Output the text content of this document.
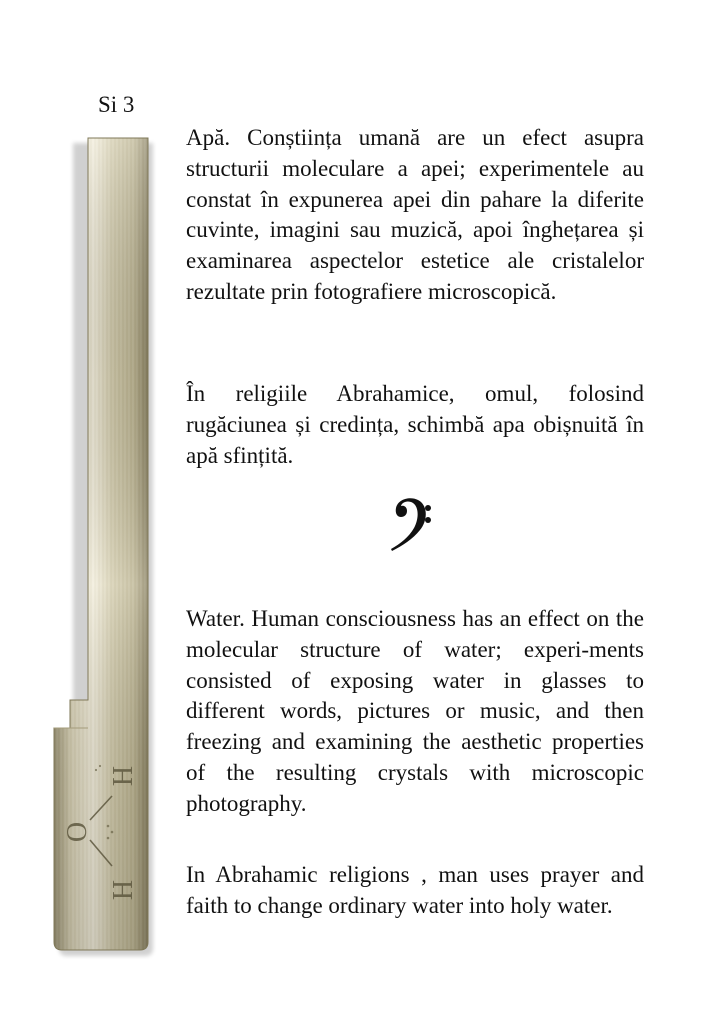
Si 3
O
H
H
Apă. Conștiința umană are un efect asupra structurii moleculare a apei; experimentele au constat în expunerea apei din pahare la diferite cuvinte, imagini sau muzică, apoi înghețarea și examinarea aspectelor estetice ale cristalelor rezultate prin fotografiere microscopică.
În religiile Abrahamice, omul, folosind rugăciunea și credința, schimbă apa obișnuită în apă sfințită.
Water. Human consciousness has an effect on the molecular structure of water; experi-ments consisted of exposing water in glasses to different words, pictures or music, and then freezing and examining the aesthetic properties of the resulting crystals with microscopic photography.
In Abrahamic religions , man uses prayer and faith to change ordinary water into holy water.
